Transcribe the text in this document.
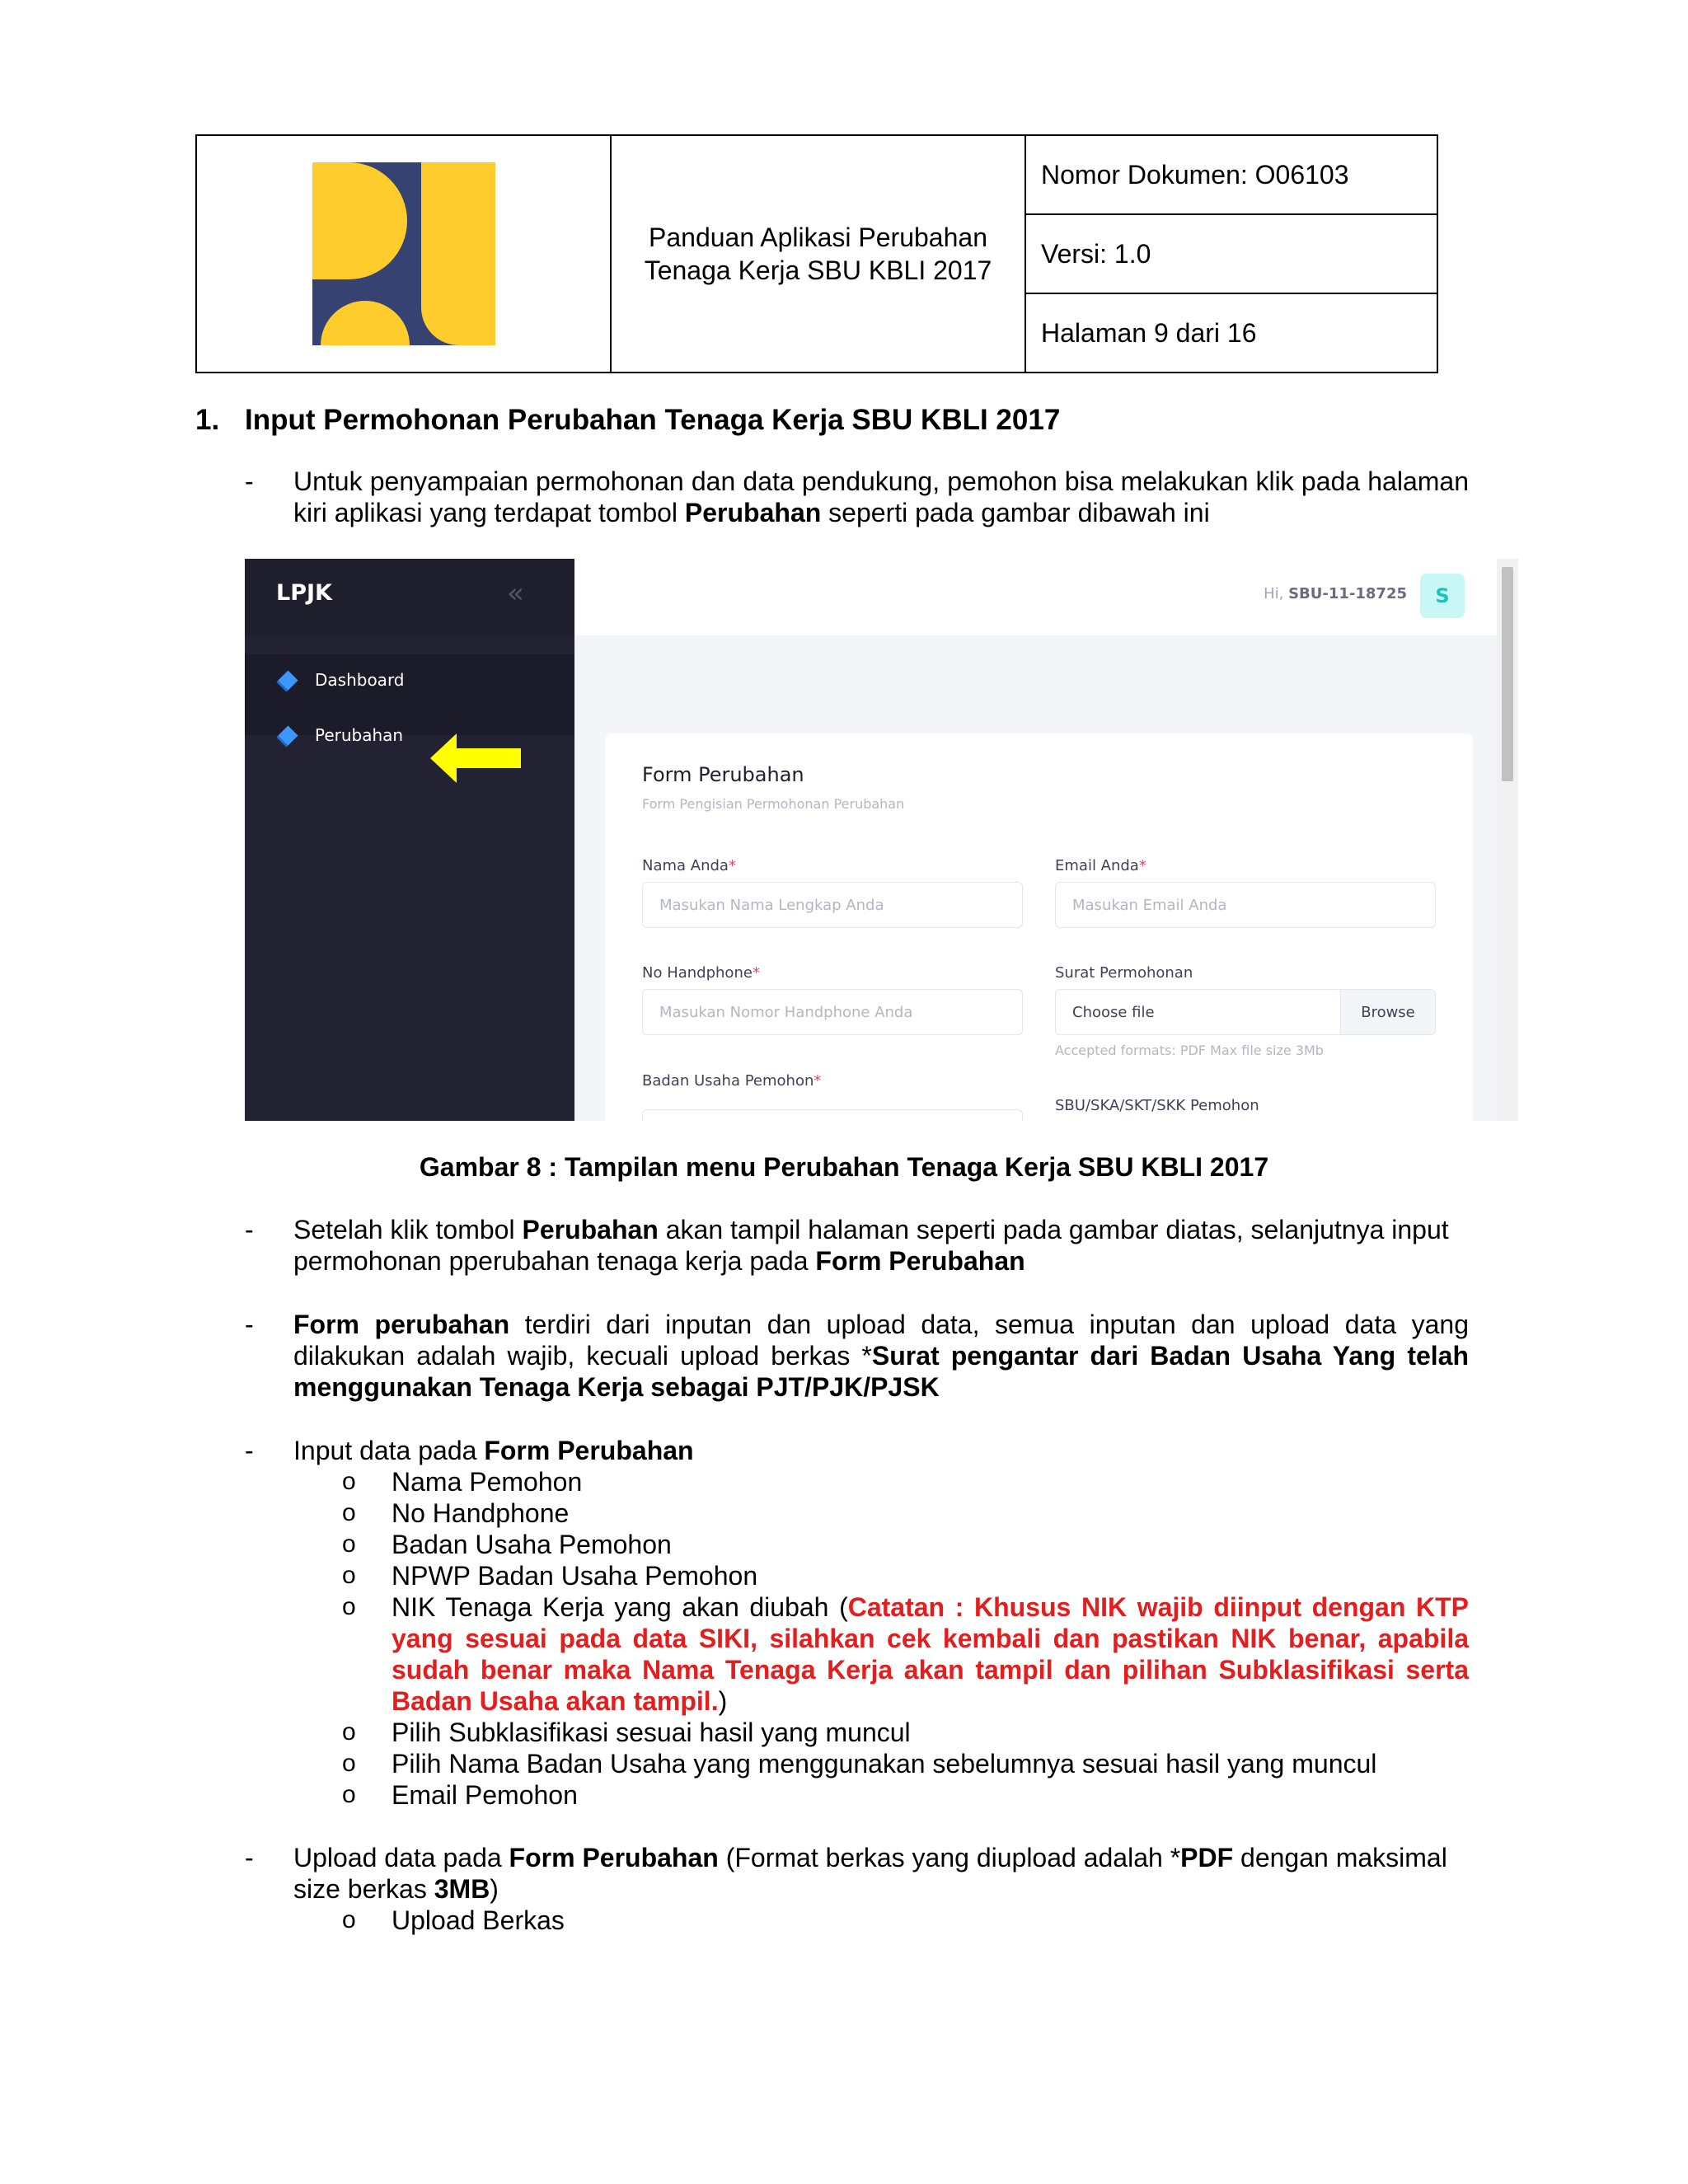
Panduan Aplikasi Perubahan
Tenaga Kerja SBU KBLI 2017
Nomor Dokumen: O06103
Versi: 1.0
Halaman 9 dari 16
1. Input Permohonan Perubahan Tenaga Kerja SBU KBLI 2017
- Untuk penyampaian permohonan dan data pendukung, pemohon bisa melakukan klik pada halaman kiri aplikasi yang terdapat tombol Perubahan seperti pada gambar dibawah ini
LPJK	«
Dashboard
Perubahan
Hi, SBU-11-18725	S
Form Perubahan
Form Pengisian Permohonan Perubahan
Nama Anda*
Masukan Nama Lengkap Anda
Email Anda*
Masukan Email Anda
No Handphone*
Masukan Nomor Handphone Anda
Surat Permohonan
Choose file	Browse
Accepted formats: PDF Max file size 3Mb
Badan Usaha Pemohon*
SBU/SKA/SKT/SKK Pemohon
Gambar 8 : Tampilan menu Perubahan Tenaga Kerja SBU KBLI 2017
- Setelah klik tombol Perubahan akan tampil halaman seperti pada gambar diatas, selanjutnya input permohonan pperubahan tenaga kerja pada Form Perubahan
- Form perubahan terdiri dari inputan dan upload data, semua inputan dan upload data yang dilakukan adalah wajib, kecuali upload berkas *Surat pengantar dari Badan Usaha Yang telah menggunakan Tenaga Kerja sebagai PJT/PJK/PJSK
- Input data pada Form Perubahan
o Nama Pemohon
o No Handphone
o Badan Usaha Pemohon
o NPWP Badan Usaha Pemohon
o NIK Tenaga Kerja yang akan diubah (Catatan : Khusus NIK wajib diinput dengan KTP yang sesuai pada data SIKI, silahkan cek kembali dan pastikan NIK benar, apabila sudah benar maka Nama Tenaga Kerja akan tampil dan pilihan Subklasifikasi serta Badan Usaha akan tampil.)
o Pilih Subklasifikasi sesuai hasil yang muncul
o Pilih Nama Badan Usaha yang menggunakan sebelumnya sesuai hasil yang muncul
o Email Pemohon
- Upload data pada Form Perubahan (Format berkas yang diupload adalah *PDF dengan maksimal size berkas 3MB)
o Upload Berkas
